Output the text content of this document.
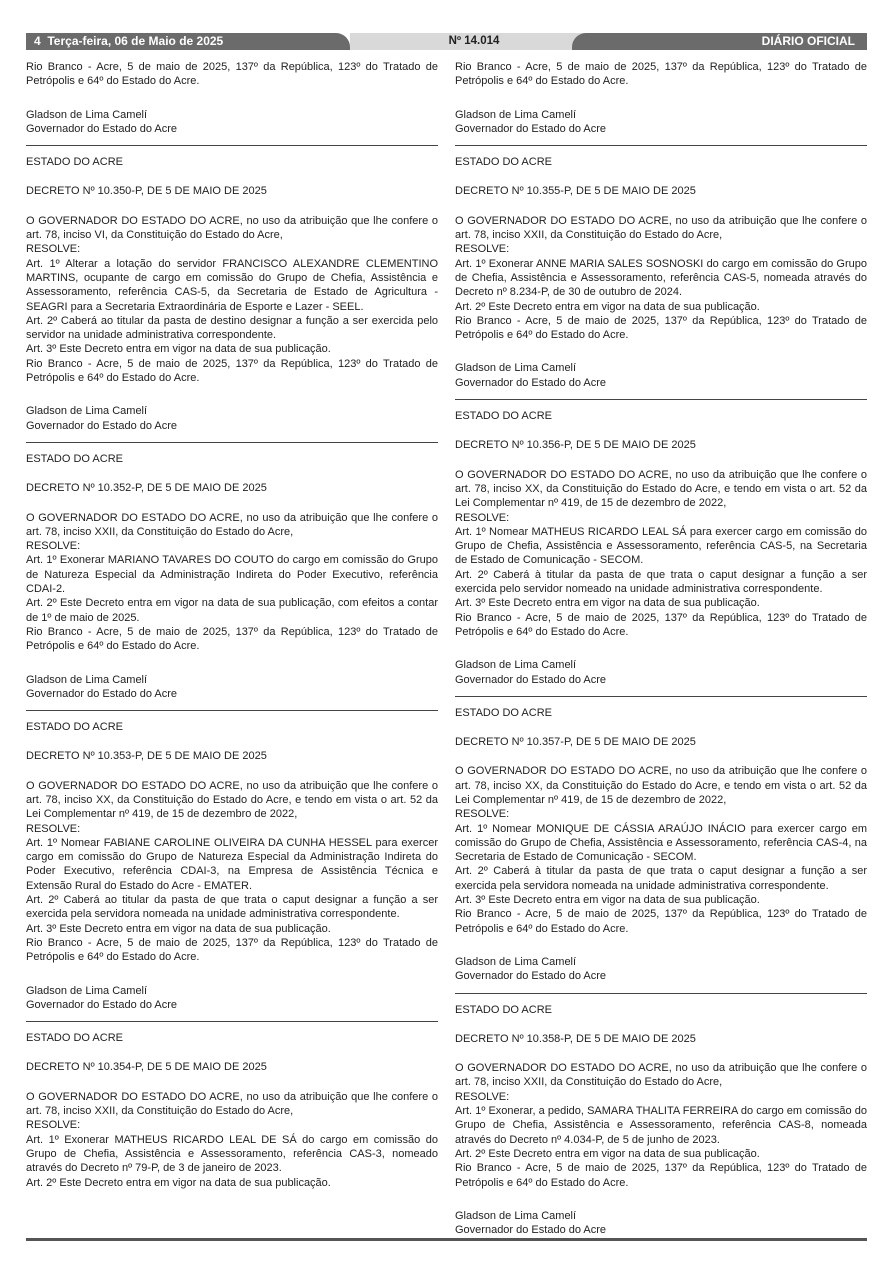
4 Terça-feira, 06 de Maio de 2025	Nº 14.014	DIÁRIO OFICIAL

Rio Branco - Acre, 5 de maio de 2025, 137º da República, 123º do Tratado de Petrópolis e 64º do Estado do Acre.

Gladson de Lima Camelí
Governador do Estado do Acre

ESTADO DO ACRE

DECRETO Nº 10.350-P, DE 5 DE MAIO DE 2025

O GOVERNADOR DO ESTADO DO ACRE, no uso da atribuição que lhe confere o art. 78, inciso VI, da Constituição do Estado do Acre,

RESOLVE:

Art. 1º Alterar a lotação do servidor FRANCISCO ALEXANDRE CLEMENTINO MARTINS, ocupante de cargo em comissão do Grupo de Chefia, Assistência e Assessoramento, referência CAS-5, da Secretaria de Estado de Agricultura - SEAGRI para a Secretaria Extraordinária de Esporte e Lazer - SEEL.

Art. 2º Caberá ao titular da pasta de destino designar a função a ser exercida pelo servidor na unidade administrativa correspondente.

Art. 3º Este Decreto entra em vigor na data de sua publicação.

Rio Branco - Acre, 5 de maio de 2025, 137º da República, 123º do Tratado de Petrópolis e 64º do Estado do Acre.

Gladson de Lima Camelí
Governador do Estado do Acre

ESTADO DO ACRE

DECRETO Nº 10.352-P, DE 5 DE MAIO DE 2025

O GOVERNADOR DO ESTADO DO ACRE, no uso da atribuição que lhe confere o art. 78, inciso XXII, da Constituição do Estado do Acre,

RESOLVE:

Art. 1º Exonerar MARIANO TAVARES DO COUTO do cargo em comissão do Grupo de Natureza Especial da Administração Indireta do Poder Executivo, referência CDAI-2.

Art. 2º Este Decreto entra em vigor na data de sua publicação, com efeitos a contar de 1º de maio de 2025.

Rio Branco - Acre, 5 de maio de 2025, 137º da República, 123º do Tratado de Petrópolis e 64º do Estado do Acre.

Gladson de Lima Camelí
Governador do Estado do Acre

ESTADO DO ACRE

DECRETO Nº 10.353-P, DE 5 DE MAIO DE 2025

O GOVERNADOR DO ESTADO DO ACRE, no uso da atribuição que lhe confere o art. 78, inciso XX, da Constituição do Estado do Acre, e tendo em vista o art. 52 da Lei Complementar nº 419, de 15 de dezembro de 2022,

RESOLVE:

Art. 1º Nomear FABIANE CAROLINE OLIVEIRA DA CUNHA HESSEL para exercer cargo em comissão do Grupo de Natureza Especial da Administração Indireta do Poder Executivo, referência CDAI-3, na Empresa de Assistência Técnica e Extensão Rural do Estado do Acre - EMATER.

Art. 2º Caberá ao titular da pasta de que trata o caput designar a função a ser exercida pela servidora nomeada na unidade administrativa correspondente.

Art. 3º Este Decreto entra em vigor na data de sua publicação.

Rio Branco - Acre, 5 de maio de 2025, 137º da República, 123º do Tratado de Petrópolis e 64º do Estado do Acre.

Gladson de Lima Camelí
Governador do Estado do Acre

ESTADO DO ACRE

DECRETO Nº 10.354-P, DE 5 DE MAIO DE 2025

O GOVERNADOR DO ESTADO DO ACRE, no uso da atribuição que lhe confere o art. 78, inciso XXII, da Constituição do Estado do Acre,

RESOLVE:

Art. 1º Exonerar MATHEUS RICARDO LEAL DE SÁ do cargo em comissão do Grupo de Chefia, Assistência e Assessoramento, referência CAS-3, nomeado através do Decreto nº 79-P, de 3 de janeiro de 2023.

Art. 2º Este Decreto entra em vigor na data de sua publicação.

Rio Branco - Acre, 5 de maio de 2025, 137º da República, 123º do Tratado de Petrópolis e 64º do Estado do Acre.

Gladson de Lima Camelí
Governador do Estado do Acre

ESTADO DO ACRE

DECRETO Nº 10.355-P, DE 5 DE MAIO DE 2025

O GOVERNADOR DO ESTADO DO ACRE, no uso da atribuição que lhe confere o art. 78, inciso XXII, da Constituição do Estado do Acre,

RESOLVE:

Art. 1º Exonerar ANNE MARIA SALES SOSNOSKI do cargo em comissão do Grupo de Chefia, Assistência e Assessoramento, referência CAS-5, nomeada através do Decreto nº 8.234-P, de 30 de outubro de 2024.

Art. 2º Este Decreto entra em vigor na data de sua publicação.

Rio Branco - Acre, 5 de maio de 2025, 137º da República, 123º do Tratado de Petrópolis e 64º do Estado do Acre.

Gladson de Lima Camelí
Governador do Estado do Acre

ESTADO DO ACRE

DECRETO Nº 10.356-P, DE 5 DE MAIO DE 2025

O GOVERNADOR DO ESTADO DO ACRE, no uso da atribuição que lhe confere o art. 78, inciso XX, da Constituição do Estado do Acre, e tendo em vista o art. 52 da Lei Complementar nº 419, de 15 de dezembro de 2022,

RESOLVE:

Art. 1º Nomear MATHEUS RICARDO LEAL SÁ para exercer cargo em comissão do Grupo de Chefia, Assistência e Assessoramento, referência CAS-5, na Secretaria de Estado de Comunicação - SECOM.

Art. 2º Caberá à titular da pasta de que trata o caput designar a função a ser exercida pelo servidor nomeado na unidade administrativa correspondente.

Art. 3º Este Decreto entra em vigor na data de sua publicação.

Rio Branco - Acre, 5 de maio de 2025, 137º da República, 123º do Tratado de Petrópolis e 64º do Estado do Acre.

Gladson de Lima Camelí
Governador do Estado do Acre

ESTADO DO ACRE

DECRETO Nº 10.357-P, DE 5 DE MAIO DE 2025

O GOVERNADOR DO ESTADO DO ACRE, no uso da atribuição que lhe confere o art. 78, inciso XX, da Constituição do Estado do Acre, e tendo em vista o art. 52 da Lei Complementar nº 419, de 15 de dezembro de 2022,

RESOLVE:

Art. 1º Nomear MONIQUE DE CÁSSIA ARAÚJO INÁCIO para exercer cargo em comissão do Grupo de Chefia, Assistência e Assessoramento, referência CAS-4, na Secretaria de Estado de Comunicação - SECOM.

Art. 2º Caberá à titular da pasta de que trata o caput designar a função a ser exercida pela servidora nomeada na unidade administrativa correspondente.

Art. 3º Este Decreto entra em vigor na data de sua publicação.

Rio Branco - Acre, 5 de maio de 2025, 137º da República, 123º do Tratado de Petrópolis e 64º do Estado do Acre.

Gladson de Lima Camelí
Governador do Estado do Acre

ESTADO DO ACRE

DECRETO Nº 10.358-P, DE 5 DE MAIO DE 2025

O GOVERNADOR DO ESTADO DO ACRE, no uso da atribuição que lhe confere o art. 78, inciso XXII, da Constituição do Estado do Acre,

RESOLVE:

Art. 1º Exonerar, a pedido, SAMARA THALITA FERREIRA do cargo em comissão do Grupo de Chefia, Assistência e Assessoramento, referência CAS-8, nomeada através do Decreto nº 4.034-P, de 5 de junho de 2023.

Art. 2º Este Decreto entra em vigor na data de sua publicação.

Rio Branco - Acre, 5 de maio de 2025, 137º da República, 123º do Tratado de Petrópolis e 64º do Estado do Acre.

Gladson de Lima Camelí
Governador do Estado do Acre
